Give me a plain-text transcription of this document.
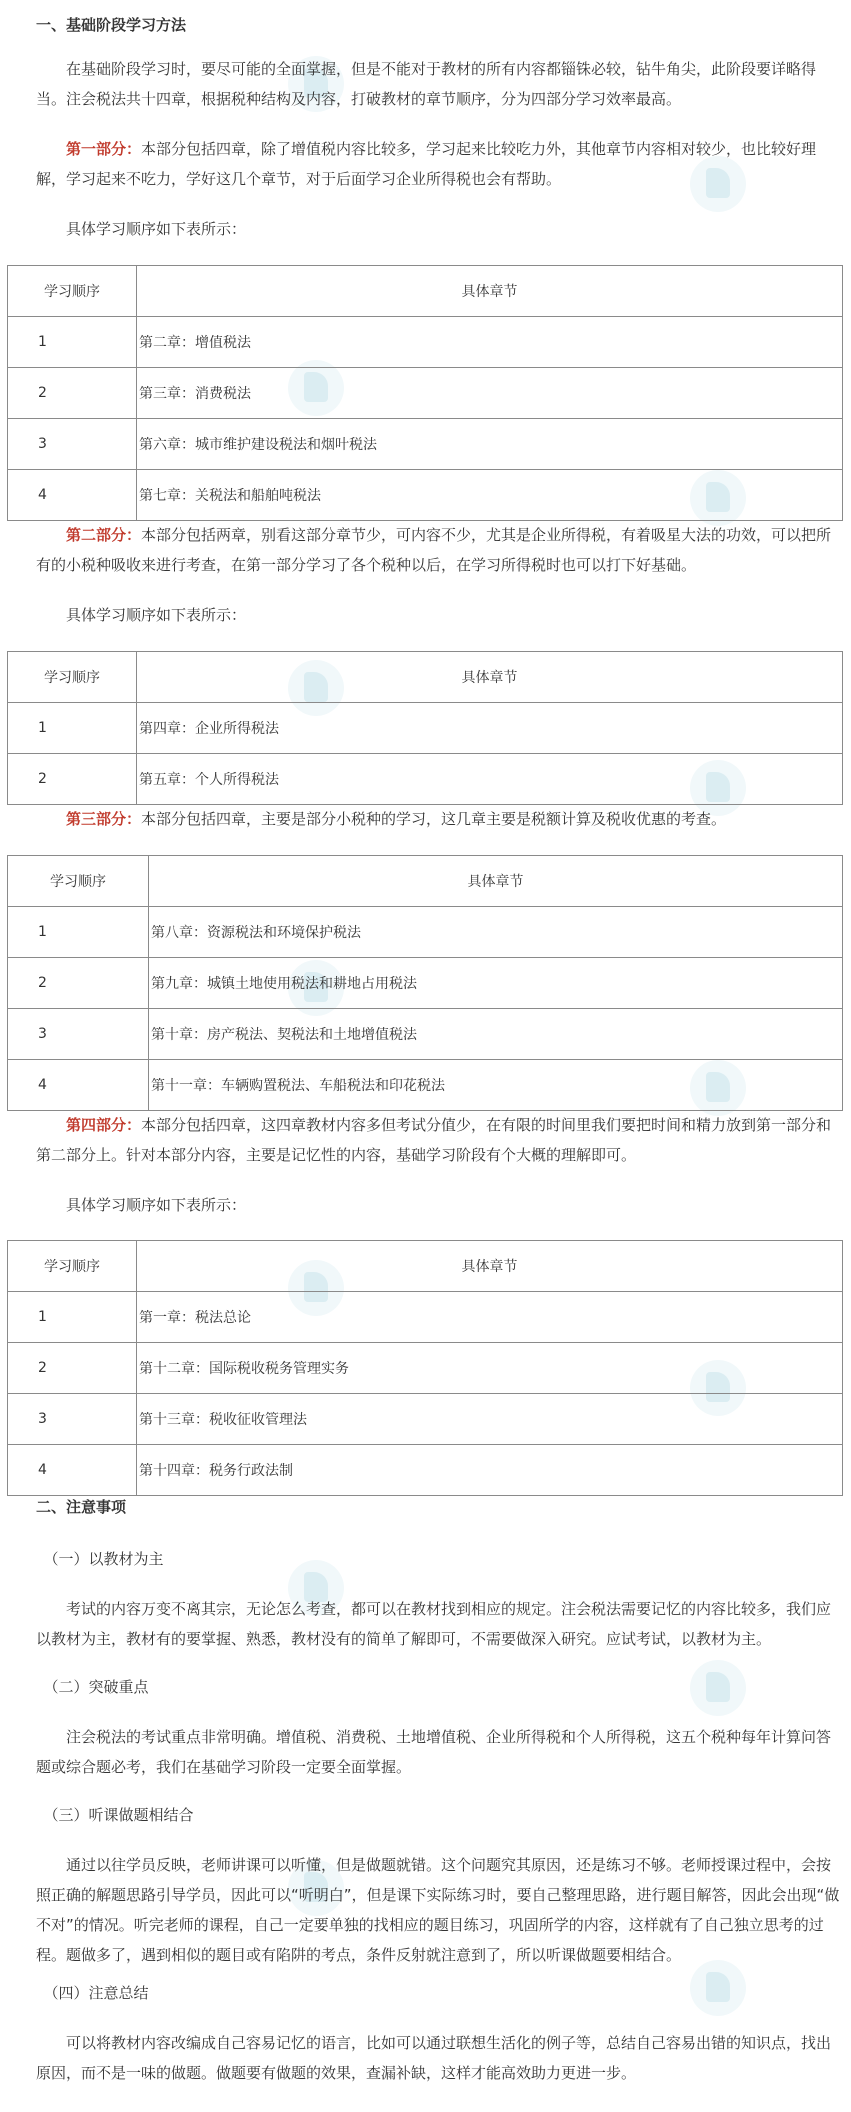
一、基础阶段学习方法

在基础阶段学习时，要尽可能的全面掌握，但是不能对于教材的所有内容都锱铢必较，钻牛角尖，此阶段要详略得当。注会税法共十四章，根据税种结构及内容，打破教材的章节顺序，分为四部分学习效率最高。

第一部分：本部分包括四章，除了增值税内容比较多，学习起来比较吃力外，其他章节内容相对较少，也比较好理解，学习起来不吃力，学好这几个章节，对于后面学习企业所得税也会有帮助。

具体学习顺序如下表所示：

学习顺序	具体章节
1	第二章：增值税法
2	第三章：消费税法
3	第六章：城市维护建设税法和烟叶税法
4	第七章：关税法和船舶吨税法

第二部分：本部分包括两章，别看这部分章节少，可内容不少，尤其是企业所得税，有着吸星大法的功效，可以把所有的小税种吸收来进行考查，在第一部分学习了各个税种以后，在学习所得税时也可以打下好基础。

具体学习顺序如下表所示：

学习顺序	具体章节
1	第四章：企业所得税法
2	第五章：个人所得税法

第三部分：本部分包括四章，主要是部分小税种的学习，这几章主要是税额计算及税收优惠的考查。

学习顺序	具体章节
1	第八章：资源税法和环境保护税法
2	第九章：城镇土地使用税法和耕地占用税法
3	第十章：房产税法、契税法和土地增值税法
4	第十一章：车辆购置税法、车船税法和印花税法

第四部分：本部分包括四章，这四章教材内容多但考试分值少，在有限的时间里我们要把时间和精力放到第一部分和第二部分上。针对本部分内容，主要是记忆性的内容，基础学习阶段有个大概的理解即可。

具体学习顺序如下表所示：

学习顺序	具体章节
1	第一章：税法总论
2	第十二章：国际税收税务管理实务
3	第十三章：税收征收管理法
4	第十四章：税务行政法制

二、注意事项

（一）以教材为主

考试的内容万变不离其宗，无论怎么考查，都可以在教材找到相应的规定。注会税法需要记忆的内容比较多，我们应以教材为主，教材有的要掌握、熟悉，教材没有的简单了解即可，不需要做深入研究。应试考试，以教材为主。

（二）突破重点

注会税法的考试重点非常明确。增值税、消费税、土地增值税、企业所得税和个人所得税，这五个税种每年计算问答题或综合题必考，我们在基础学习阶段一定要全面掌握。

（三）听课做题相结合

通过以往学员反映，老师讲课可以听懂，但是做题就错。这个问题究其原因，还是练习不够。老师授课过程中，会按照正确的解题思路引导学员，因此可以“听明白”，但是课下实际练习时，要自己整理思路，进行题目解答，因此会出现“做不对”的情况。听完老师的课程，自己一定要单独的找相应的题目练习，巩固所学的内容，这样就有了自己独立思考的过程。题做多了，遇到相似的题目或有陷阱的考点，条件反射就注意到了，所以听课做题要相结合。

（四）注意总结

可以将教材内容改编成自己容易记忆的语言，比如可以通过联想生活化的例子等，总结自己容易出错的知识点，找出原因，而不是一味的做题。做题要有做题的效果，查漏补缺，这样才能高效助力更进一步。
